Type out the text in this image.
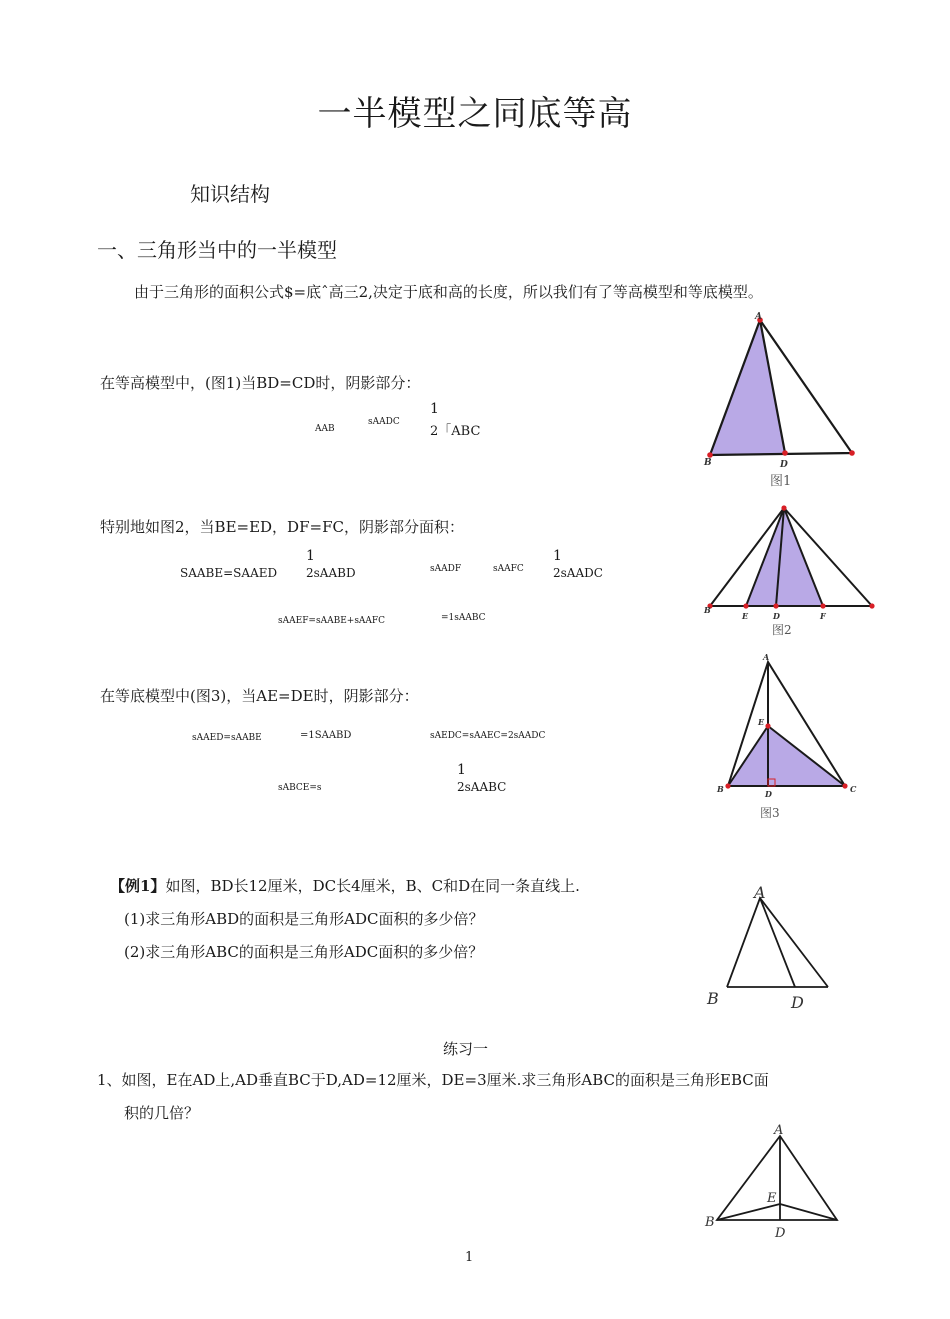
一半模型之同底等高
知识结构
一、三角形当中的一半模型
由于三角形的面积公式$=底ˆ高三2,决定于底和高的长度，所以我们有了等高模型和等底模型。
在等高模型中，(图1)当BD=CD时，阴影部分：
AAB
sAADC
1
2「ABC
特别地如图2，当BE=ED，DF=FC，阴影部分面积：
SAABE=SAAED
1
2sAABD	sAADF	sAAFC
1
2sAADC
sAAEF=sAABE+sAAFC	=1sAABC
在等底模型中(图3)，当AE=DE时，阴影部分：
sAAED=sAABE	=1SAABD	sAEDC=sAAEC=2sAADC
sABCE=s
1
2sAABC
【例1】如图，BD长12厘米，DC长4厘米，B、C和D在同一条直线上.
(1)求三角形ABD的面积是三角形ADC面积的多少倍？
(2)求三角形ABC的面积是三角形ADC面积的多少倍？
练习一
1、如图，E在AD上,AD垂直BC于D,AD=12厘米，DE=3厘米.求三角形ABC的面积是三角形EBC面
积的几倍？
1
A
B	D
图1
B
E	D	F
图2
A
E
B	D	C
图3
A
B	D
A
E
B
D
